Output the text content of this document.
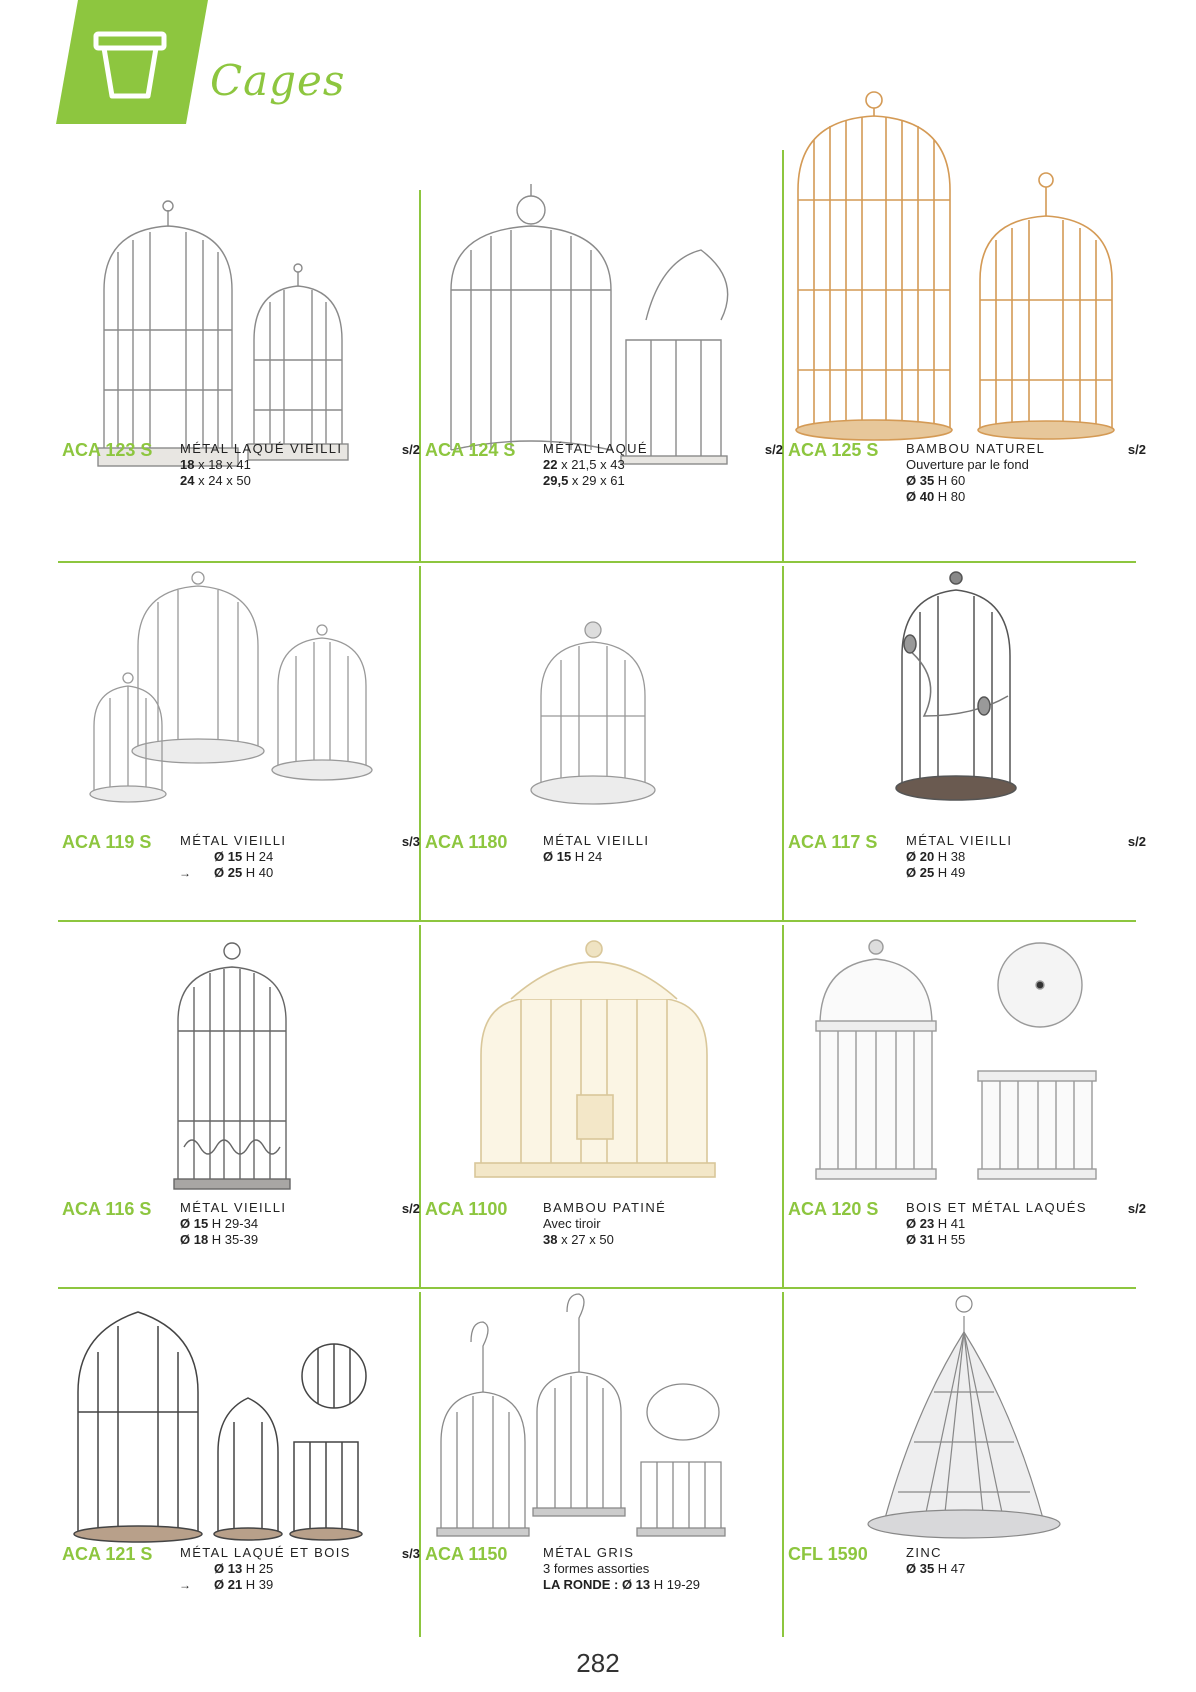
Cages
ACA 123 S MÉTAL LAQUÉ VIEILLI
18 x 18 x 41
24 x 24 x 50
s/2 ACA 124 S MÉTAL LAQUÉ
22 x 21,5 x 43
29,5 x 29 x 61
s/2 ACA 125 S BAMBOU NATUREL
Ouverture par le fond
Ø 35 H 60
Ø 40 H 80
s/2
ACA 119 S MÉTAL VIEILLI
Ø 15 H 24
→ Ø 25 H 40
s/3 ACA 1180	MÉTAL VIEILLI
Ø 15 H 24
ACA 117 S MÉTAL VIEILLI
Ø 20 H 38
Ø 25 H 49
s/2
ACA 116 S MÉTAL VIEILLI
Ø 15 H 29-34
Ø 18 H 35-39
s/2 ACA 1100	BAMBOU PATINÉ
Avec tiroir
38 x 27 x 50
ACA 120 S BOIS ET MÉTAL LAQUÉS
Ø 23 H 41
Ø 31 H 55
s/2
ACA 121 S MÉTAL LAQUÉ ET BOIS
Ø 13 H 25
→ Ø 21 H 39
s/3 ACA 1150	MÉTAL GRIS
3 formes assorties
LA RONDE : Ø 13 H 19-29
CFL 1590	ZINC
Ø 35 H 47
282
